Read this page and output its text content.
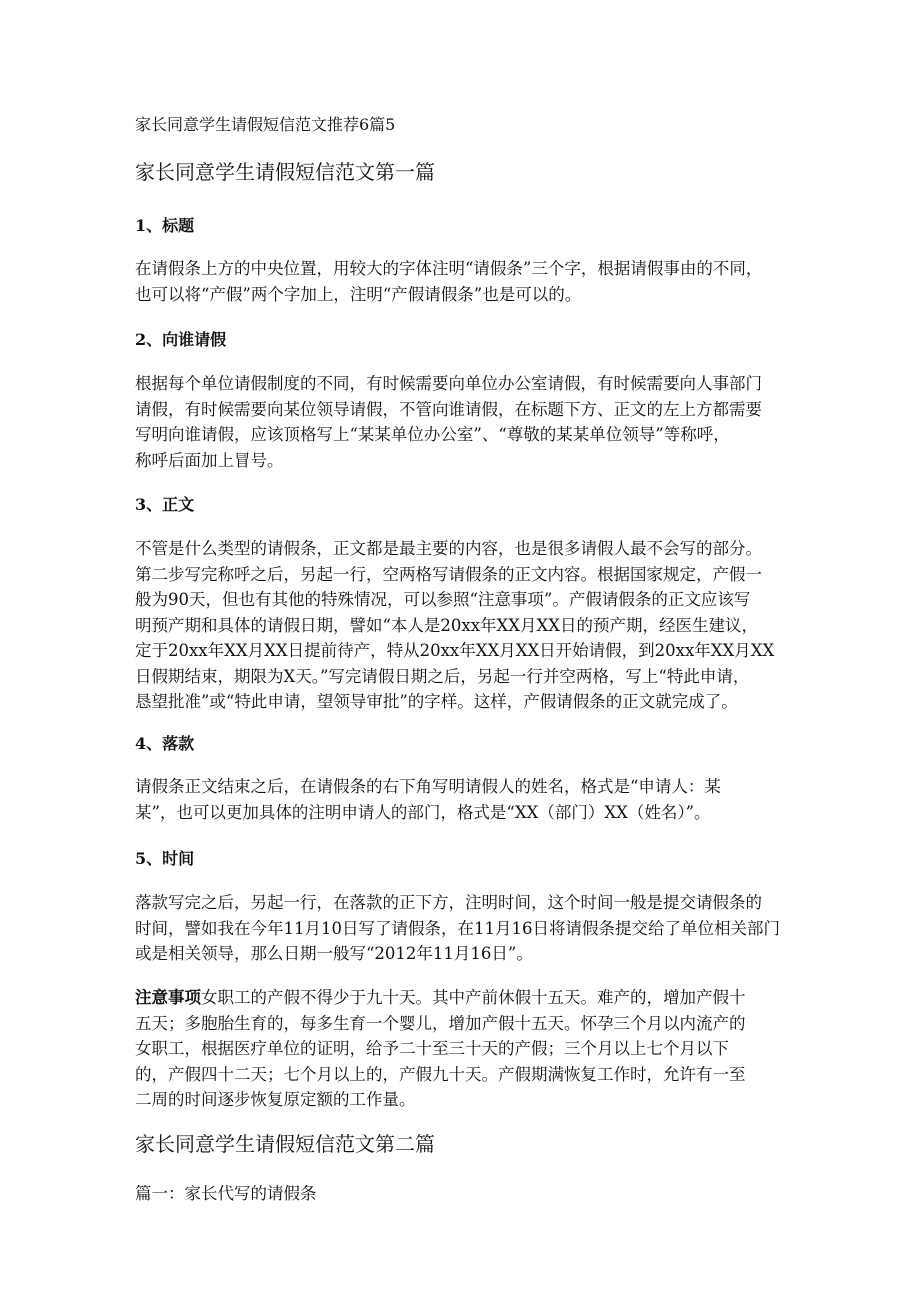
家长同意学生请假短信范文推荐6篇5
家长同意学生请假短信范文第一篇
1、标题
在请假条上方的中央位置，用较大的字体注明“请假条”三个字，根据请假事由的不同，
也可以将“产假”两个字加上，注明“产假请假条”也是可以的。
2、向谁请假
根据每个单位请假制度的不同，有时候需要向单位办公室请假，有时候需要向人事部门
请假，有时候需要向某位领导请假，不管向谁请假，在标题下方、正文的左上方都需要
写明向谁请假，应该顶格写上“某某单位办公室”、“尊敬的某某单位领导”等称呼，
称呼后面加上冒号。
3、正文
不管是什么类型的请假条，正文都是最主要的内容，也是很多请假人最不会写的部分。
第二步写完称呼之后，另起一行，空两格写请假条的正文内容。根据国家规定，产假一
般为90天，但也有其他的特殊情况，可以参照“注意事项”。产假请假条的正文应该写
明预产期和具体的请假日期，譬如“本人是20xx年XX月XX日的预产期，经医生建议，
定于20xx年XX月XX日提前待产，特从20xx年XX月XX日开始请假，到20xx年XX月XX
日假期结束，期限为X天。”写完请假日期之后，另起一行并空两格，写上“特此申请，
恳望批准”或“特此申请，望领导审批”的字样。这样，产假请假条的正文就完成了。
4、落款
请假条正文结束之后，在请假条的右下角写明请假人的姓名，格式是“申请人：某
某”，也可以更加具体的注明申请人的部门，格式是“XX（部门）XX（姓名）”。
5、时间
落款写完之后，另起一行，在落款的正下方，注明时间，这个时间一般是提交请假条的
时间，譬如我在今年11月10日写了请假条，在11月16日将请假条提交给了单位相关部门
或是相关领导，那么日期一般写“2012年11月16日”。
注意事项女职工的产假不得少于九十天。其中产前休假十五天。难产的，增加产假十
五天；多胞胎生育的，每多生育一个婴儿，增加产假十五天。怀孕三个月以内流产的
女职工，根据医疗单位的证明，给予二十至三十天的产假；三个月以上七个月以下
的，产假四十二天；七个月以上的，产假九十天。产假期满恢复工作时，允许有一至
二周的时间逐步恢复原定额的工作量。
家长同意学生请假短信范文第二篇
篇一：家长代写的请假条
